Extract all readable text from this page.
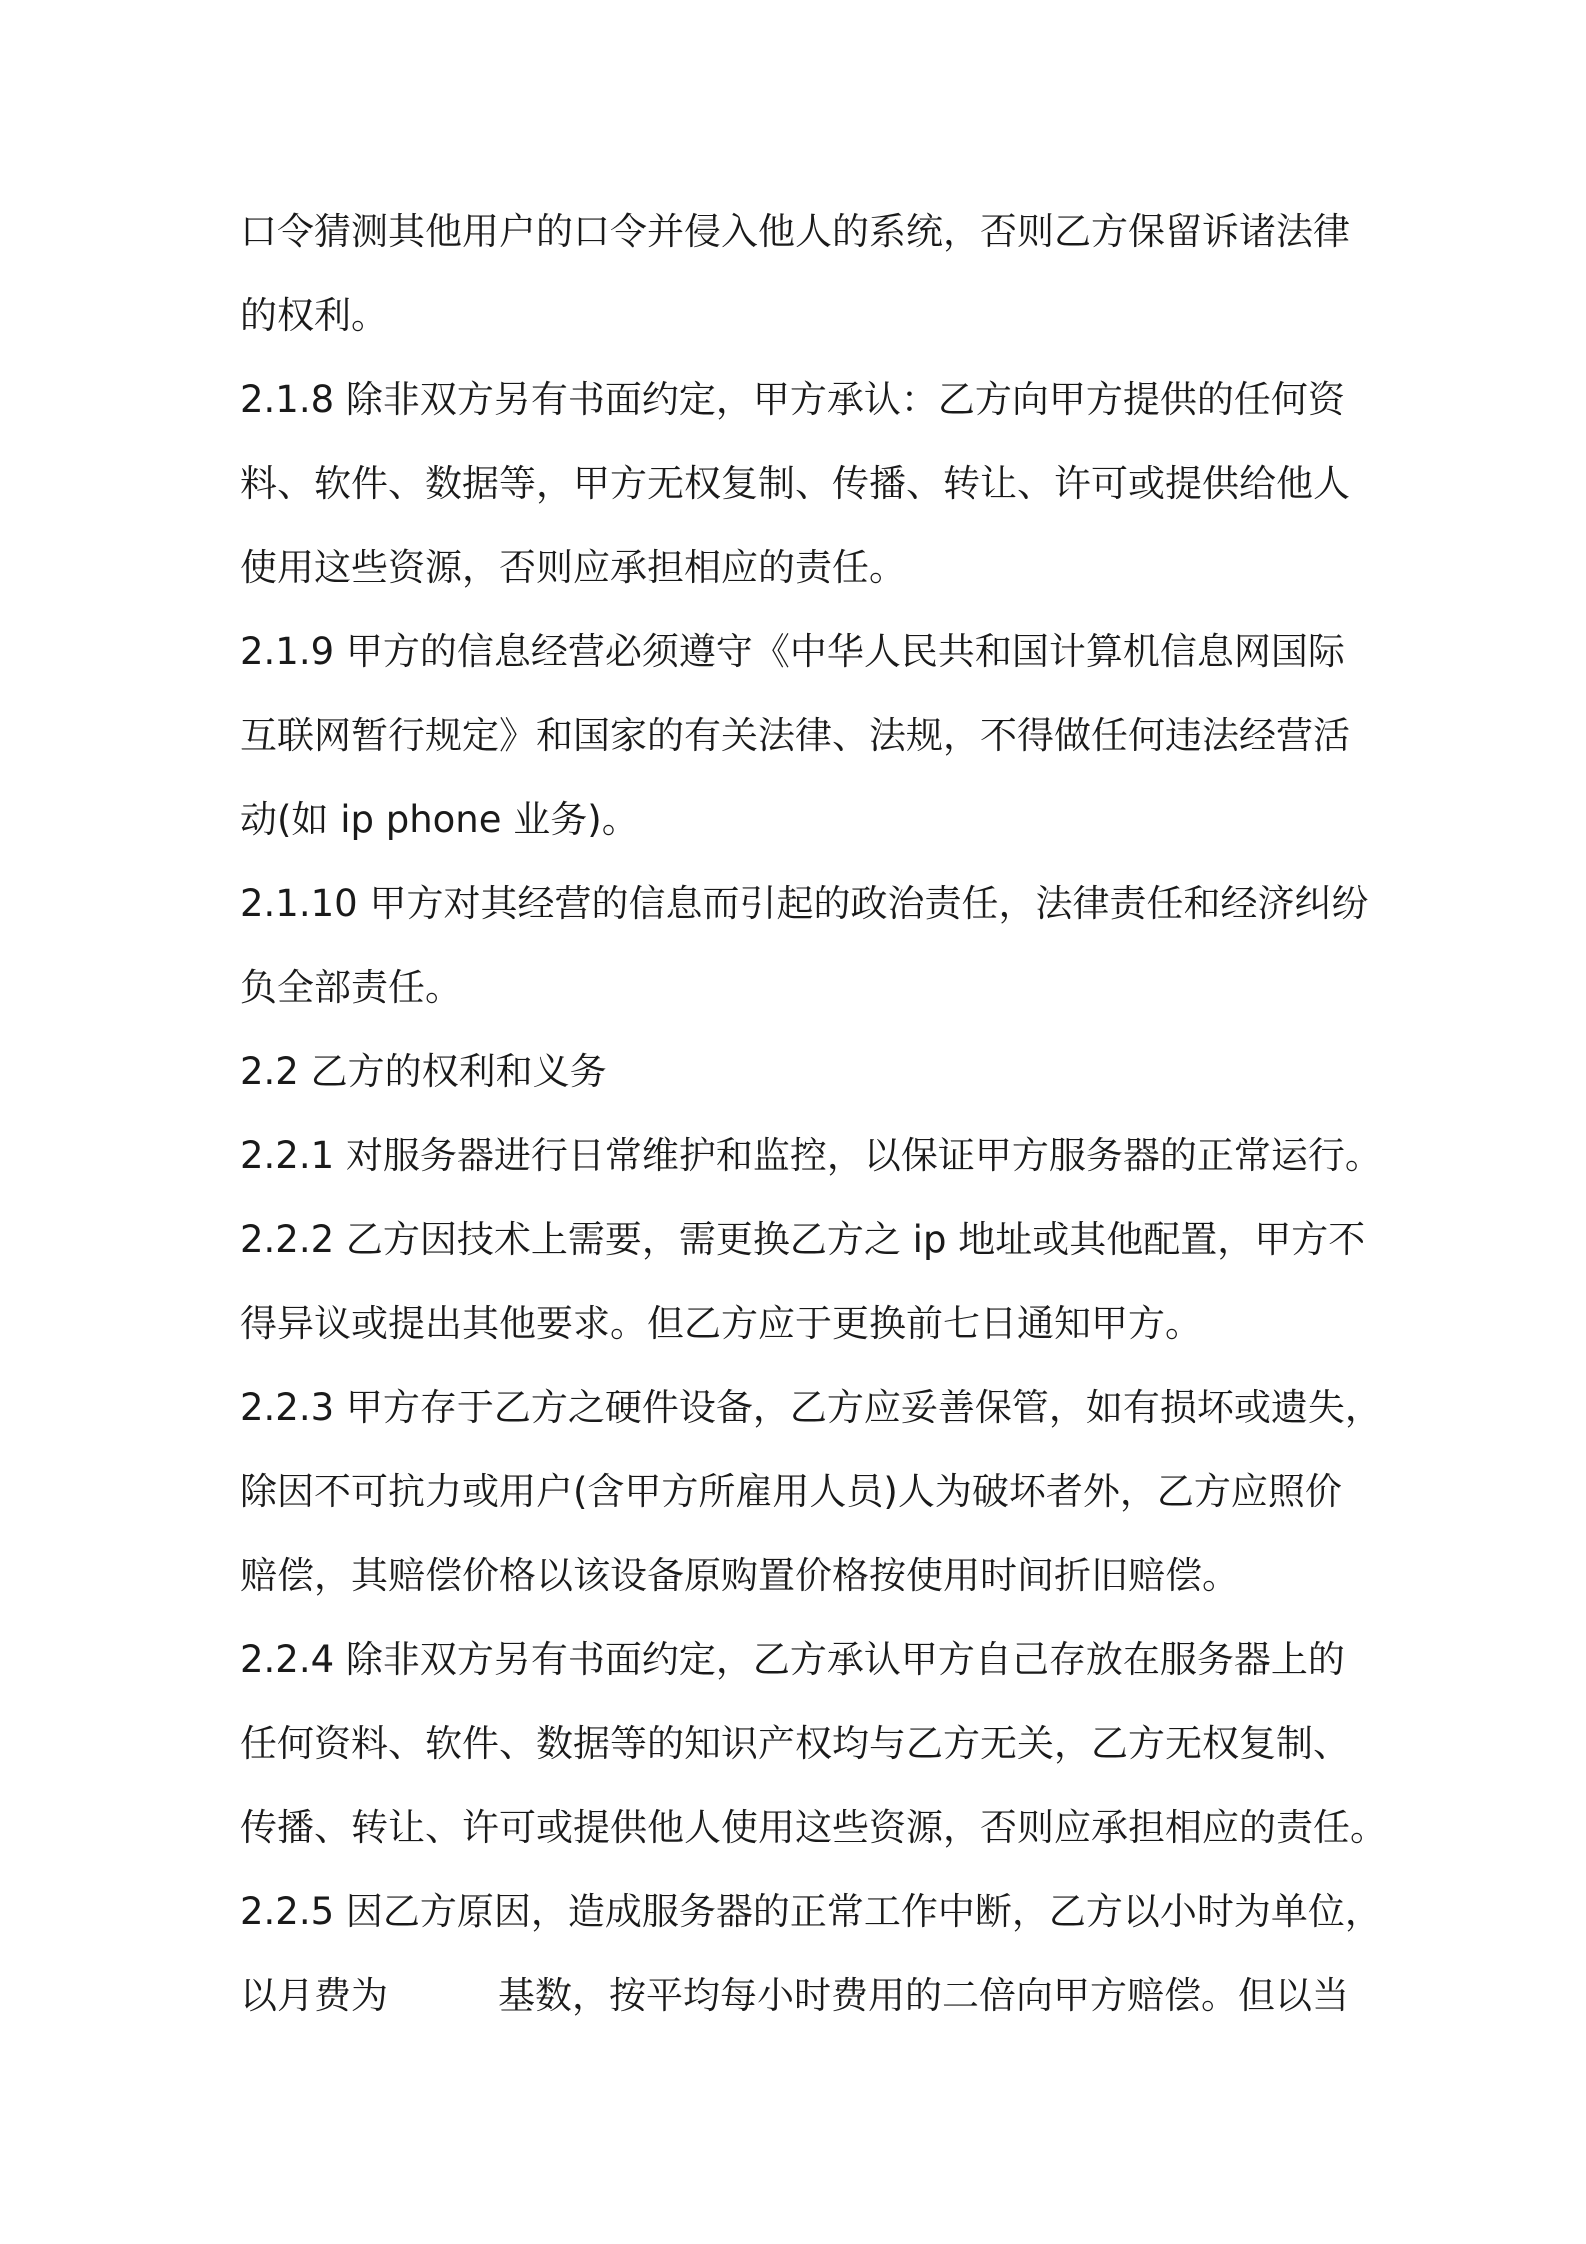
口令猜测其他用户的口令并侵入他人的系统，否则乙方保留诉诸法律
的权利。
2.1.8 除非双方另有书面约定，甲方承认：乙方向甲方提供的任何资
料、软件、数据等，甲方无权复制、传播、转让、许可或提供给他人
使用这些资源，否则应承担相应的责任。
2.1.9 甲方的信息经营必须遵守《中华人民共和国计算机信息网国际
互联网暂行规定》和国家的有关法律、法规，不得做任何违法经营活
动(如 ip phone 业务)。
2.1.10 甲方对其经营的信息而引起的政治责任，法律责任和经济纠纷
负全部责任。
2.2 乙方的权利和义务
2.2.1 对服务器进行日常维护和监控，以保证甲方服务器的正常运行。
2.2.2 乙方因技术上需要，需更换乙方之 ip 地址或其他配置，甲方不
得异议或提出其他要求。但乙方应于更换前七日通知甲方。
2.2.3 甲方存于乙方之硬件设备，乙方应妥善保管，如有损坏或遗失，
除因不可抗力或用户(含甲方所雇用人员)人为破坏者外，乙方应照价
赔偿，其赔偿价格以该设备原购置价格按使用时间折旧赔偿。
2.2.4 除非双方另有书面约定，乙方承认甲方自己存放在服务器上的
任何资料、软件、数据等的知识产权均与乙方无关，乙方无权复制、
传播、转让、许可或提供他人使用这些资源，否则应承担相应的责任。
2.2.5 因乙方原因，造成服务器的正常工作中断，乙方以小时为单位，
以月费为	基数，按平均每小时费用的二倍向甲方赔偿。但以当
